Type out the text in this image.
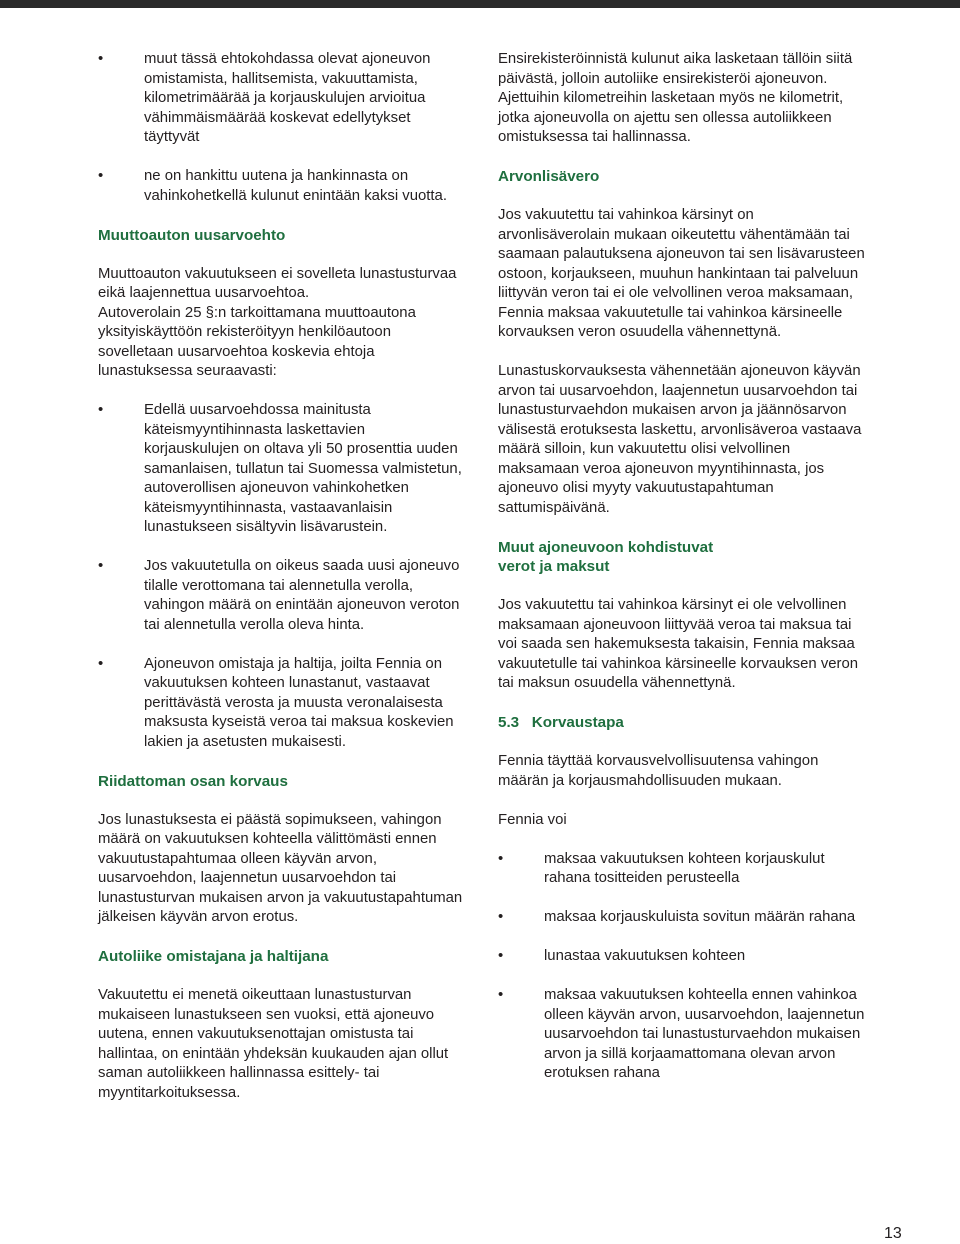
•	muut tässä ehtokohdassa olevat ajoneuvon omistamista, hallitsemista, vakuuttamista, kilometrimäärää ja korjauskulujen arvioitua vähimmäismäärää koskevat edellytykset täyttyvät

•	ne on hankittu uutena ja hankinnasta on vahinkohetkellä kulunut enintään kaksi vuotta.

Muuttoauton uusarvoehto

Muuttoauton vakuutukseen ei sovelleta lunastusturvaa eikä laajennettua uusarvoehtoa.

Autoverolain 25 §:n tarkoittamana muuttoautona yksityiskäyttöön rekisteröityyn henkilöautoon sovelletaan uusarvoehtoa koskevia ehtoja lunastuksessa seuraavasti:

•	Edellä uusarvoehdossa mainitusta käteismyyntihinnasta laskettavien korjauskulujen on oltava yli 50 prosenttia uuden samanlaisen, tullatun tai Suomessa valmistetun, autoverollisen ajoneuvon vahinkohetken käteismyyntihinnasta, vastaavanlaisin lunastukseen sisältyvin lisävarustein.

•	Jos vakuutetulla on oikeus saada uusi ajoneuvo tilalle verottomana tai alennetulla verolla, vahingon määrä on enintään ajoneuvon veroton tai alennetulla verolla oleva hinta.

•	Ajoneuvon omistaja ja haltija, joilta Fennia on vakuutuksen kohteen lunastanut, vastaavat perittävästä verosta ja muusta veronalaisesta maksusta kyseistä veroa tai maksua koskevien lakien ja asetusten mukaisesti.

Riidattoman osan korvaus

Jos lunastuksesta ei päästä sopimukseen, vahingon määrä on vakuutuksen kohteella välittömästi ennen vakuutustapahtumaa olleen käyvän arvon, uusarvoehdon, laajennetun uusarvoehdon tai lunastusturvan mukaisen arvon ja vakuutustapahtuman jälkeisen käyvän arvon erotus.

Autoliike omistajana ja haltijana

Vakuutettu ei menetä oikeuttaan lunastusturvan mukaiseen lunastukseen sen vuoksi, että ajoneuvo uutena, ennen vakuutuksenottajan omistusta tai hallintaa, on enintään yhdeksän kuukauden ajan ollut saman autoliikkeen hallinnassa esittely- tai myyntitarkoituksessa.

Ensirekisteröinnistä kulunut aika lasketaan tällöin siitä päivästä, jolloin autoliike ensirekisteröi ajoneuvon. Ajettuihin kilometreihin lasketaan myös ne kilometrit, jotka ajoneuvolla on ajettu sen ollessa autoliikkeen omistuksessa tai hallinnassa.

Arvonlisävero

Jos vakuutettu tai vahinkoa kärsinyt on arvonlisäverolain mukaan oikeutettu vähentämään tai saamaan palautuksena ajoneuvon tai sen lisävarusteen ostoon, korjaukseen, muuhun hankintaan tai palveluun liittyvän veron tai ei ole velvollinen veroa maksamaan, Fennia maksaa vakuutetulle tai vahinkoa kärsineelle korvauksen veron osuudella vähennettynä.

Lunastuskorvauksesta vähennetään ajoneuvon käyvän arvon tai uusarvoehdon, laajennetun uusarvoehdon tai lunastusturvaehdon mukaisen arvon ja jäännösarvon välisestä erotuksesta laskettu, arvonlisäveroa vastaava määrä silloin, kun vakuutettu olisi velvollinen maksamaan veroa ajoneuvon myyntihinnasta, jos ajoneuvo olisi myyty vakuutustapahtuman sattumispäivänä.

Muut ajoneuvoon kohdistuvat
verot ja maksut

Jos vakuutettu tai vahinkoa kärsinyt ei ole velvollinen maksamaan ajoneuvoon liittyvää veroa tai maksua tai voi saada sen hakemuksesta takaisin, Fennia maksaa vakuutetulle tai vahinkoa kärsineelle korvauksen veron tai maksun osuudella vähennettynä.

5.3 Korvaustapa

Fennia täyttää korvausvelvollisuutensa vahingon määrän ja korjausmahdollisuuden mukaan.

Fennia voi

•	maksaa vakuutuksen kohteen korjauskulut rahana tositteiden perusteella

•	maksaa korjauskuluista sovitun määrän rahana

•	lunastaa vakuutuksen kohteen

•	maksaa vakuutuksen kohteella ennen vahinkoa olleen käyvän arvon, uusarvoehdon, laajennetun uusarvoehdon tai lunastusturvaehdon mukaisen arvon ja sillä korjaamattomana olevan arvon erotuksen rahana

13
